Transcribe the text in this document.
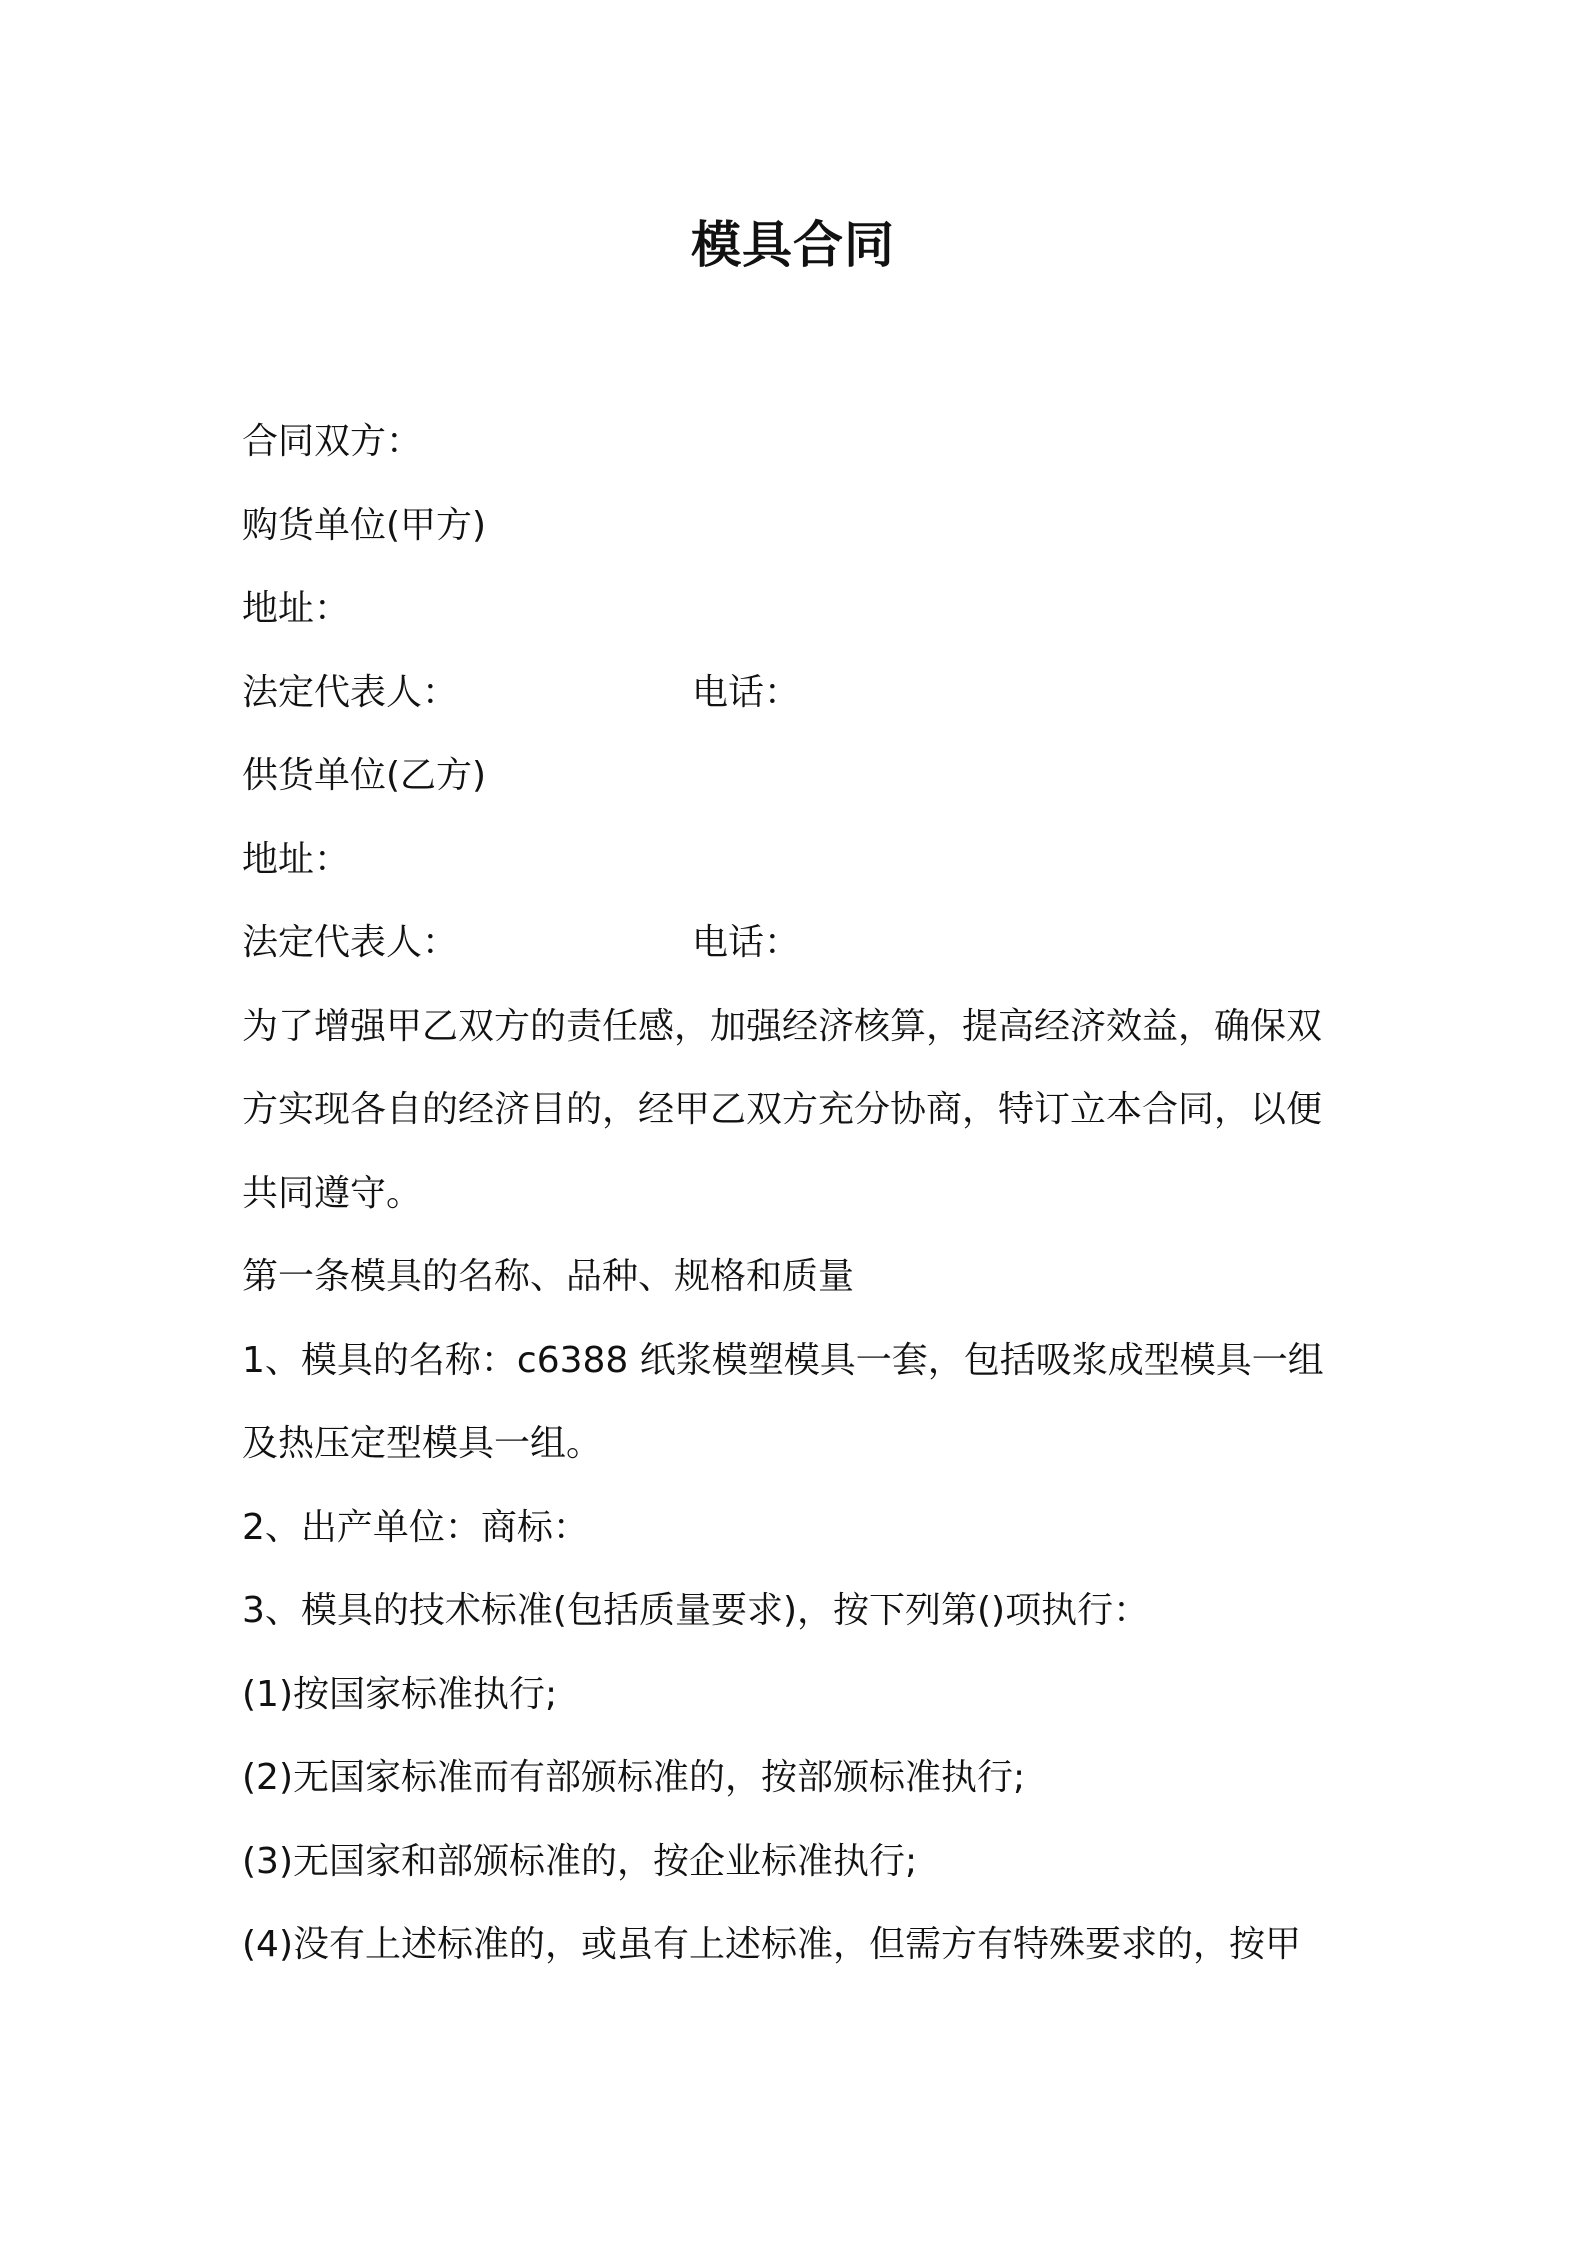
模具合同
合同双方：
购货单位(甲方)
地址：
法定代表人：	电话：
供货单位(乙方)
地址：
法定代表人：	电话：
为了增强甲乙双方的责任感，加强经济核算，提高经济效益，确保双
方实现各自的经济目的，经甲乙双方充分协商，特订立本合同，以便
共同遵守。
第一条模具的名称、品种、规格和质量
1、模具的名称：c6388 纸浆模塑模具一套，包括吸浆成型模具一组
及热压定型模具一组。
2、出产单位：商标：
3、模具的技术标准(包括质量要求)，按下列第()项执行：
(1)按国家标准执行;
(2)无国家标准而有部颁标准的，按部颁标准执行;
(3)无国家和部颁标准的，按企业标准执行;
(4)没有上述标准的，或虽有上述标准，但需方有特殊要求的，按甲
